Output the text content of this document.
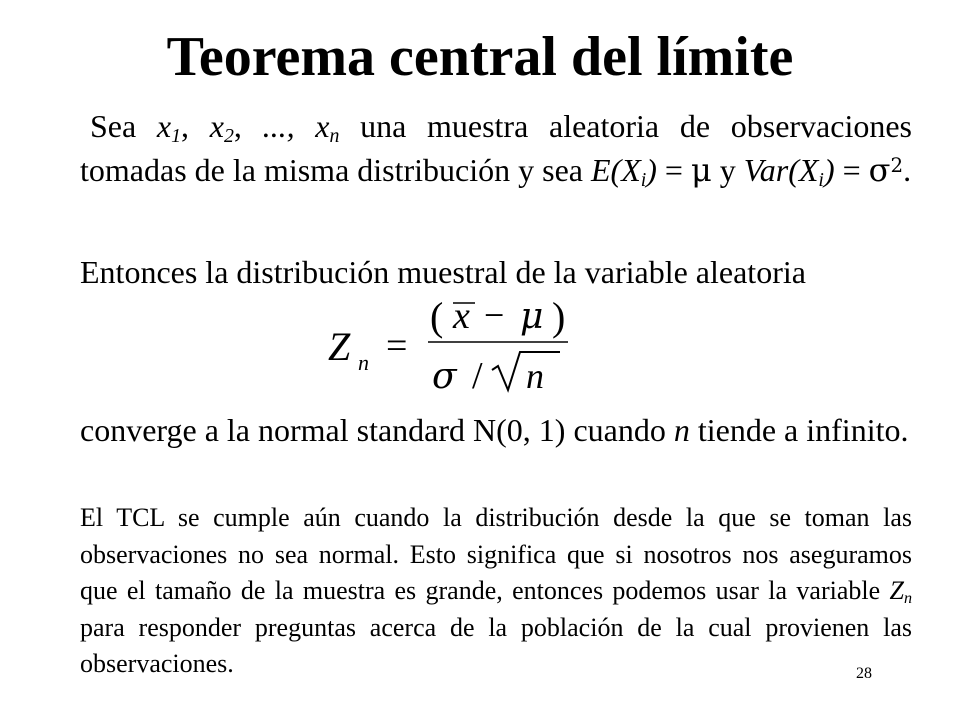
Teorema central del límite
Sea $x_1$, $x_2$, ..., $x_n$ una muestra aleatoria de observaciones tomadas de la misma distribución y sea $E(X_i) = \mu$ y $Var(X_i) = \sigma^2$.
Entonces la distribución muestral de la variable aleatoria
Z n =
( x − μ )
σ / n
converge a la normal standard N(0, 1) cuando n tiende a infinito.
El TCL se cumple aún cuando la distribución desde la que se toman las observaciones no sea normal. Esto significa que si nosotros nos aseguramos que el tamaño de la muestra es grande, entonces podemos usar la variable $Z_n$ para responder preguntas acerca de la población de la cual provienen las observaciones.	28
